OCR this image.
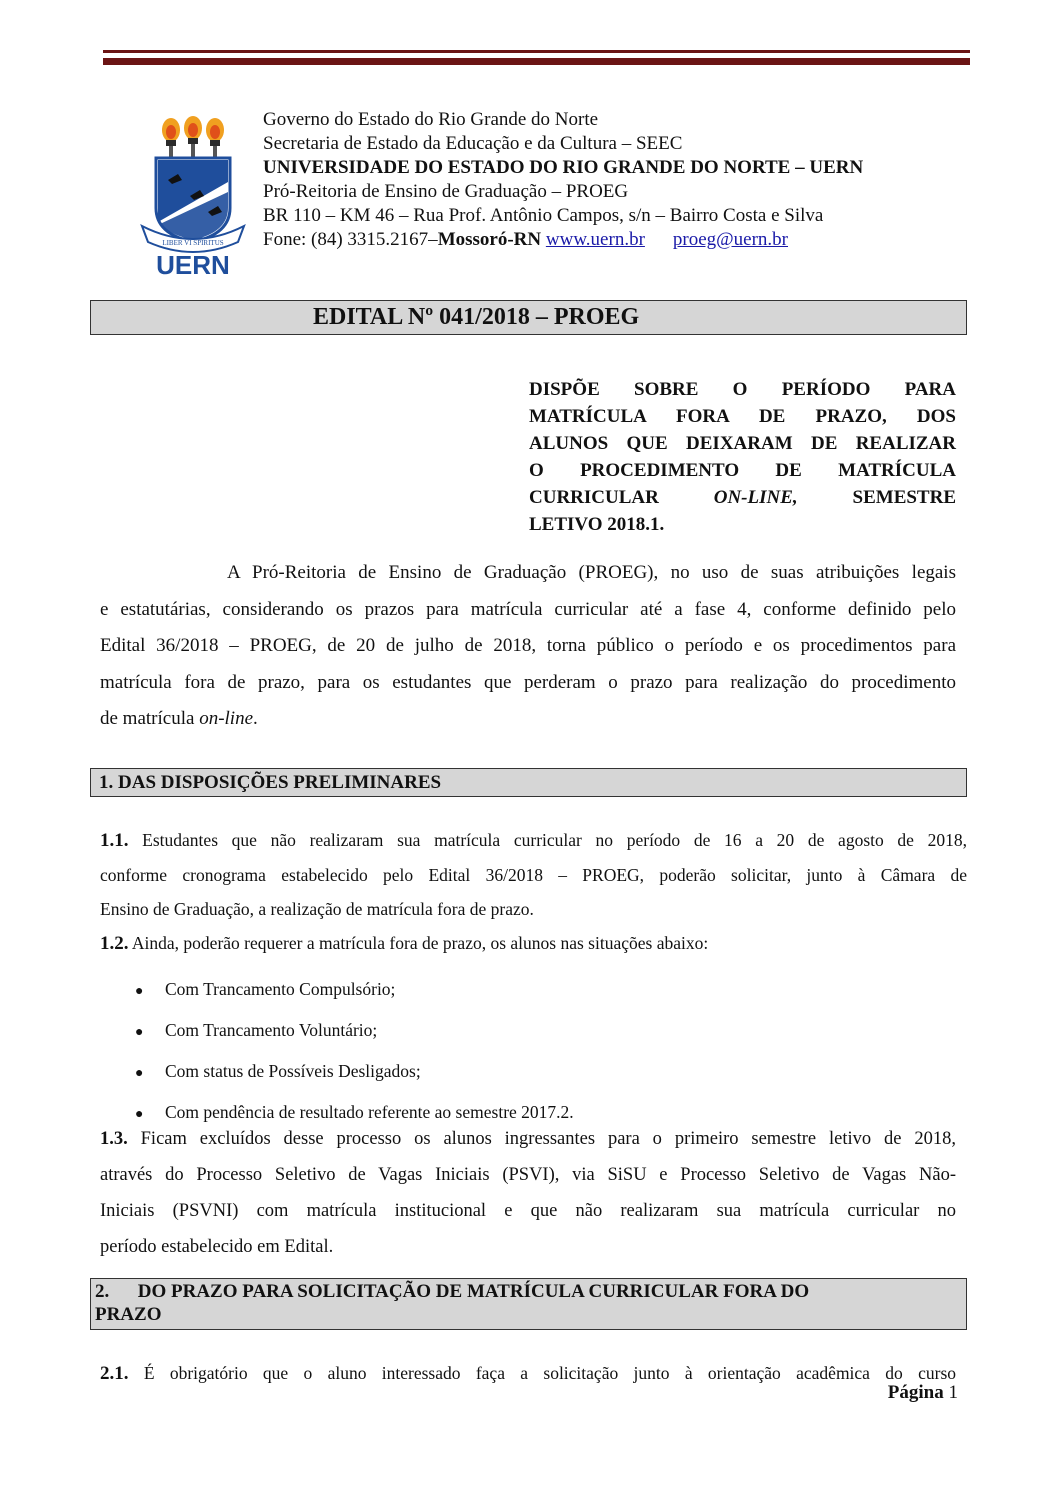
LIBER VI SPIRITUS
UERN
Governo do Estado do Rio Grande do Norte
Secretaria de Estado da Educação e da Cultura – SEEC
UNIVERSIDADE DO ESTADO DO RIO GRANDE DO NORTE – UERN
Pró-Reitoria de Ensino de Graduação – PROEG
BR 110 – KM 46 – Rua Prof. Antônio Campos, s/n – Bairro Costa e Silva
Fone: (84) 3315.2167–Mossoró-RN www.uern.br proeg@uern.br
EDITAL Nº 041/2018 – PROEG
DISPÕE SOBRE O PERÍODO PARA
MATRÍCULA FORA DE PRAZO, DOS
ALUNOS QUE DEIXARAM DE REALIZAR
O PROCEDIMENTO DE MATRÍCULA
CURRICULAR	ON-LINE,	SEMESTRE
LETIVO 2018.1.
A Pró-Reitoria de Ensino de Graduação (PROEG), no uso de suas atribuições legais
e estatutárias, considerando os prazos para matrícula curricular até a fase 4, conforme definido pelo
Edital 36/2018 – PROEG, de 20 de julho de 2018, torna público o período e os procedimentos para
matrícula fora de prazo, para os estudantes que perderam o prazo para realização do procedimento
de matrícula on-line.
1. DAS DISPOSIÇÕES PRELIMINARES
1.1. Estudantes que não realizaram sua matrícula curricular no período de 16 a 20 de agosto de 2018,
conforme cronograma estabelecido pelo Edital 36/2018 – PROEG, poderão solicitar, junto à Câmara de
Ensino de Graduação, a realização de matrícula fora de prazo.
1.2. Ainda, poderão requerer a matrícula fora de prazo, os alunos nas situações abaixo:
● Com Trancamento Compulsório;
● Com Trancamento Voluntário;
● Com status de Possíveis Desligados;
● Com pendência de resultado referente ao semestre 2017.2.
1.3. Ficam excluídos desse processo os alunos ingressantes para o primeiro semestre letivo de 2018,
através do Processo Seletivo de Vagas Iniciais (PSVI), via SiSU e Processo Seletivo de Vagas Não-
Iniciais (PSVNI) com matrícula institucional e que não realizaram sua matrícula curricular no
período estabelecido em Edital.
2.      DO PRAZO PARA SOLICITAÇÃO DE MATRÍCULA CURRICULAR FORA DO
PRAZO
2.1. É obrigatório que o aluno interessado faça a solicitação junto à orientação acadêmica do curso
Página 1
